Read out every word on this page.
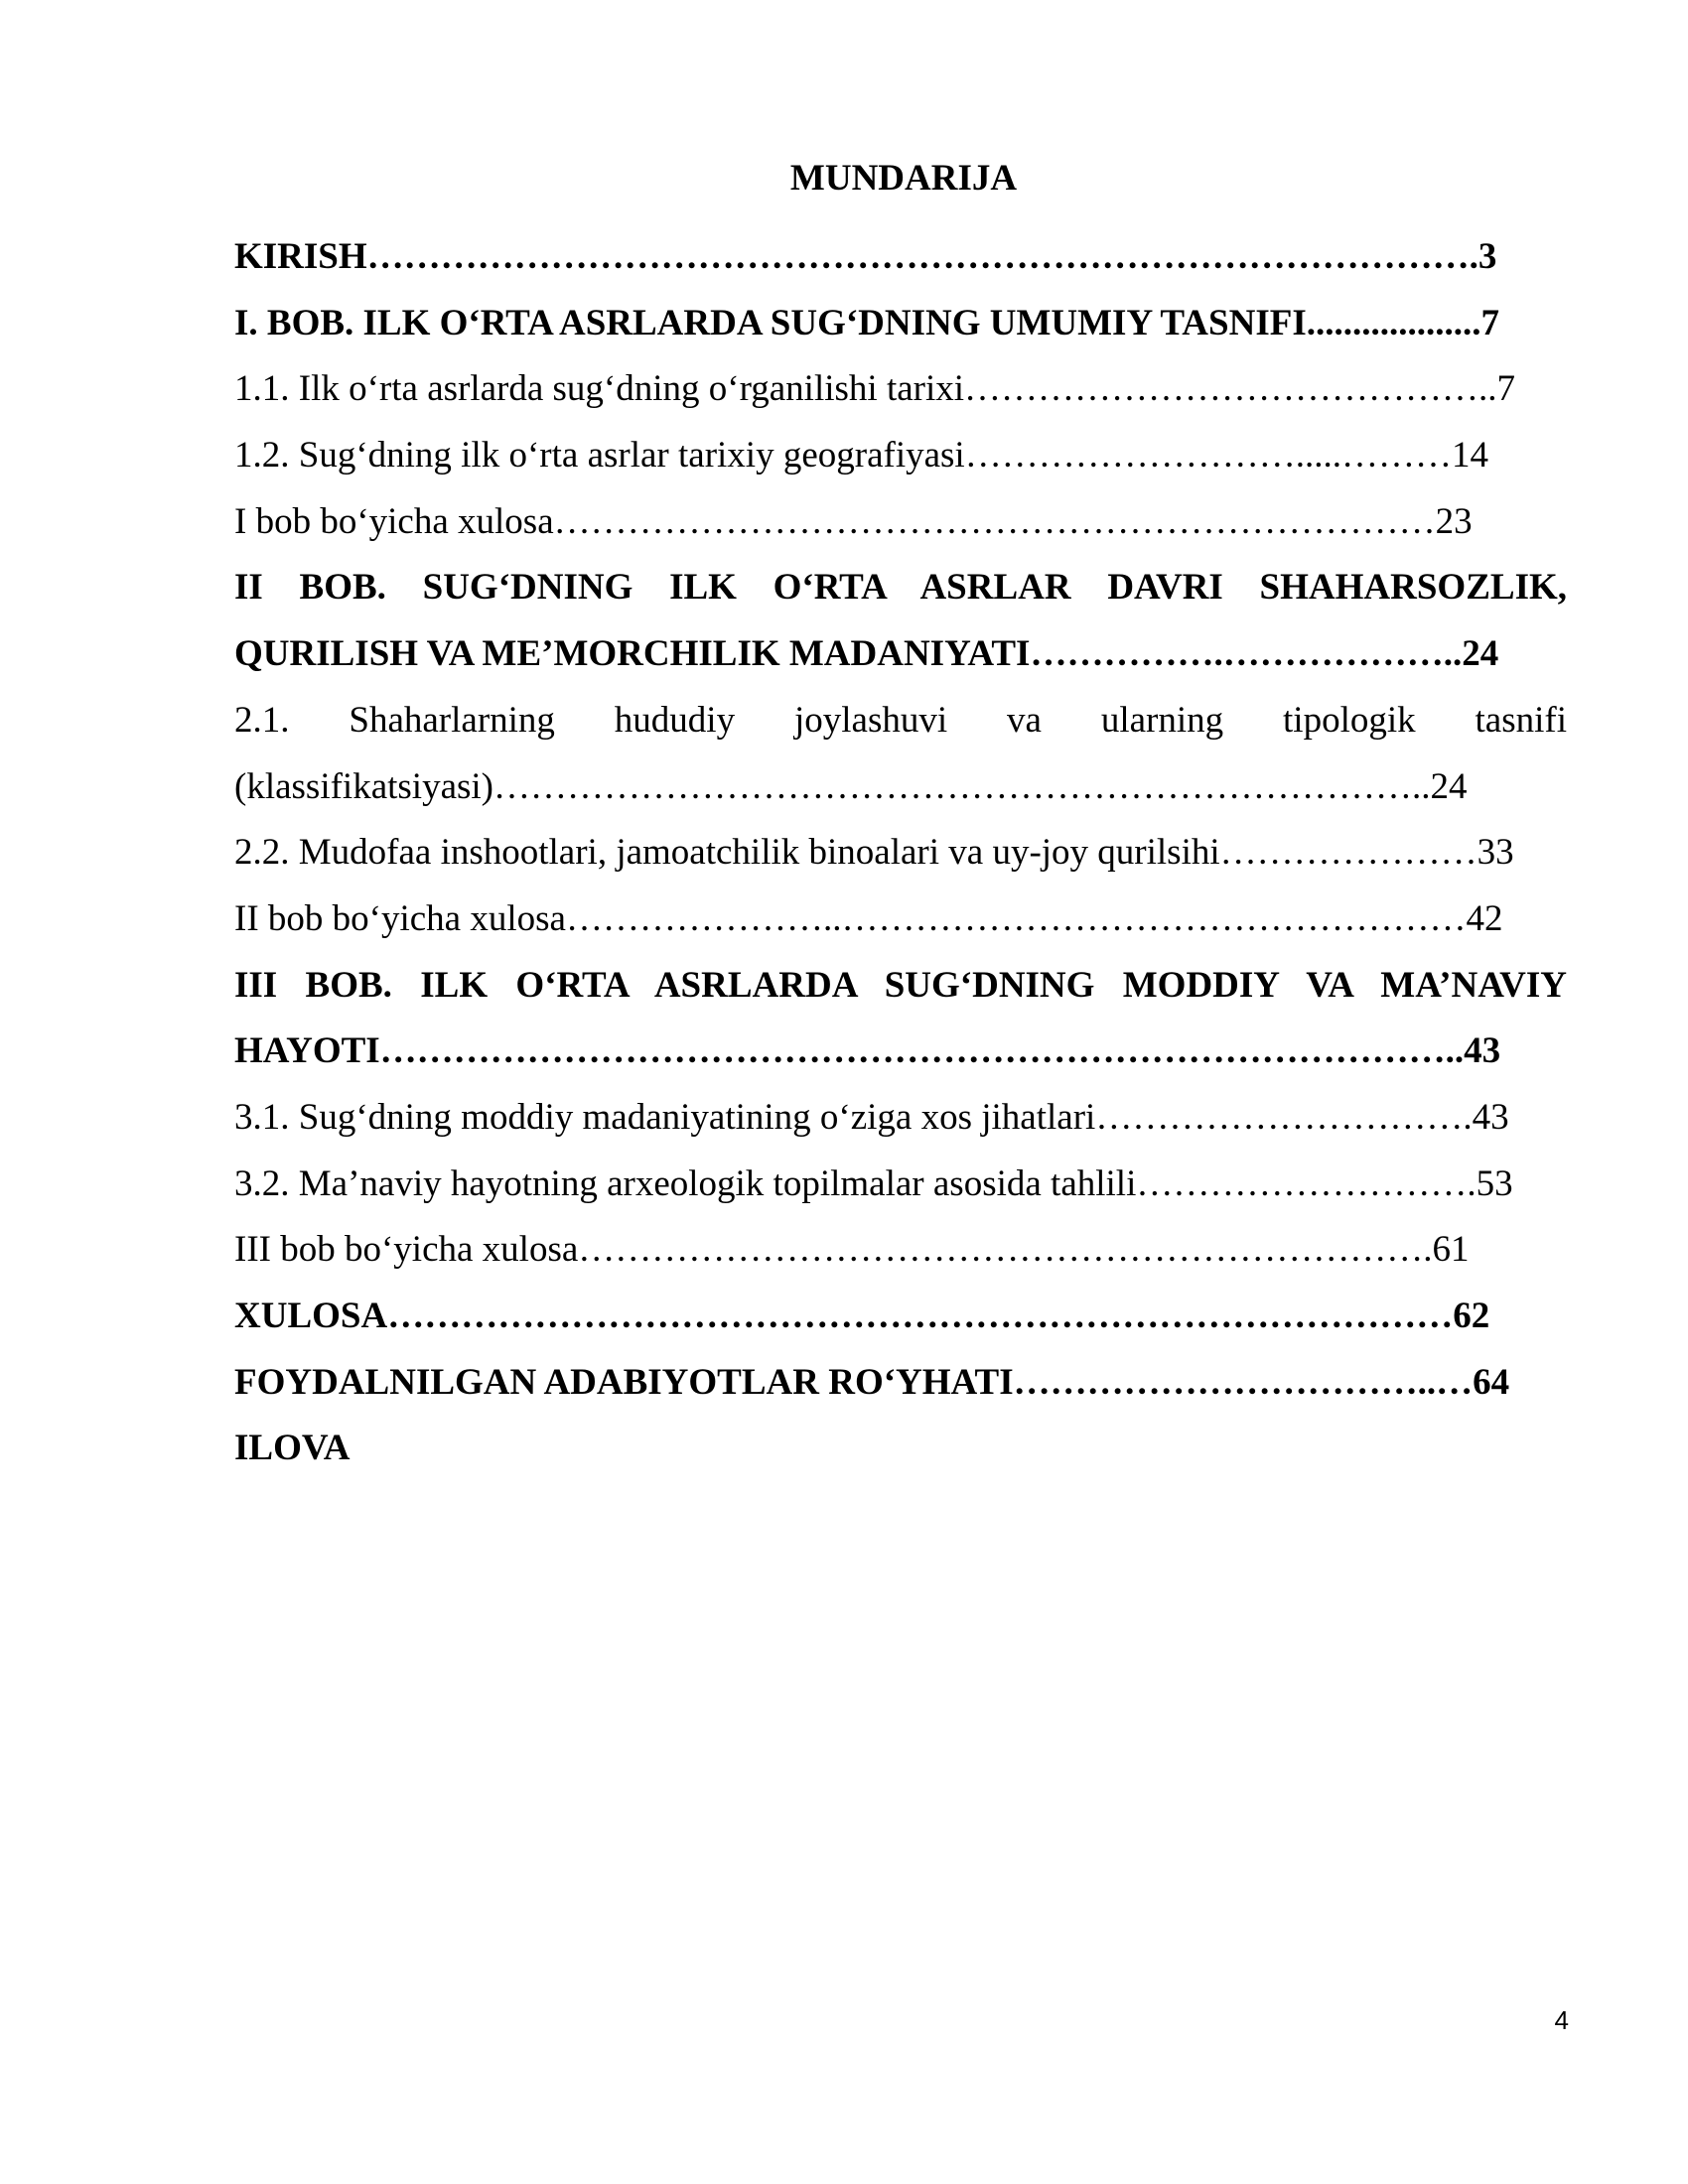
MUNDARIJA
KIRISH……………………………………………………………………………….3
I. BOB. ILK O‘RTA ASRLARDA SUG‘DNING UMUMIY TASNIFI...................7
1.1. Ilk o‘rta asrlarda sug‘dning o‘rganilishi tarixi……………………………………..7
1.2. Sug‘dning ilk o‘rta asrlar tarixiy geografiyasi……………………….....………14
I bob bo‘yicha xulosa………………………………………………………………23
II BOB. SUG‘DNING ILK O‘RTA ASRLAR DAVRI SHAHARSOZLIK,
QURILISH VA ME’MORCHILIK MADANIYATI…………….………………..24
2.1. Shaharlarning hududiy joylashuvi va ularning tipologik tasnifi
(klassifikatsiyasi)…………………………………………………………………..24
2.2. Mudofaa inshootlari, jamoatchilik binoalari va uy-joy qurilsihi…………………33
II bob bo‘yicha xulosa…………………..……………………………………………42
III BOB. ILK O‘RTA ASRLARDA SUG‘DNING MODDIY VA MA’NAVIY
HAYOTI……………………………………………………………………………..43
3.1. Sug‘dning moddiy madaniyatining o‘ziga xos jihatlari………………………….43
3.2. Ma’naviy hayotning arxeologik topilmalar asosida tahlili……………………….53
III bob bo‘yicha xulosa…………………………………………………………….61
XULOSA……………………………………………………………………………62
FOYDALNILGAN ADABIYOTLAR RO‘YHATI……………………………..…64
ILOVA
4
